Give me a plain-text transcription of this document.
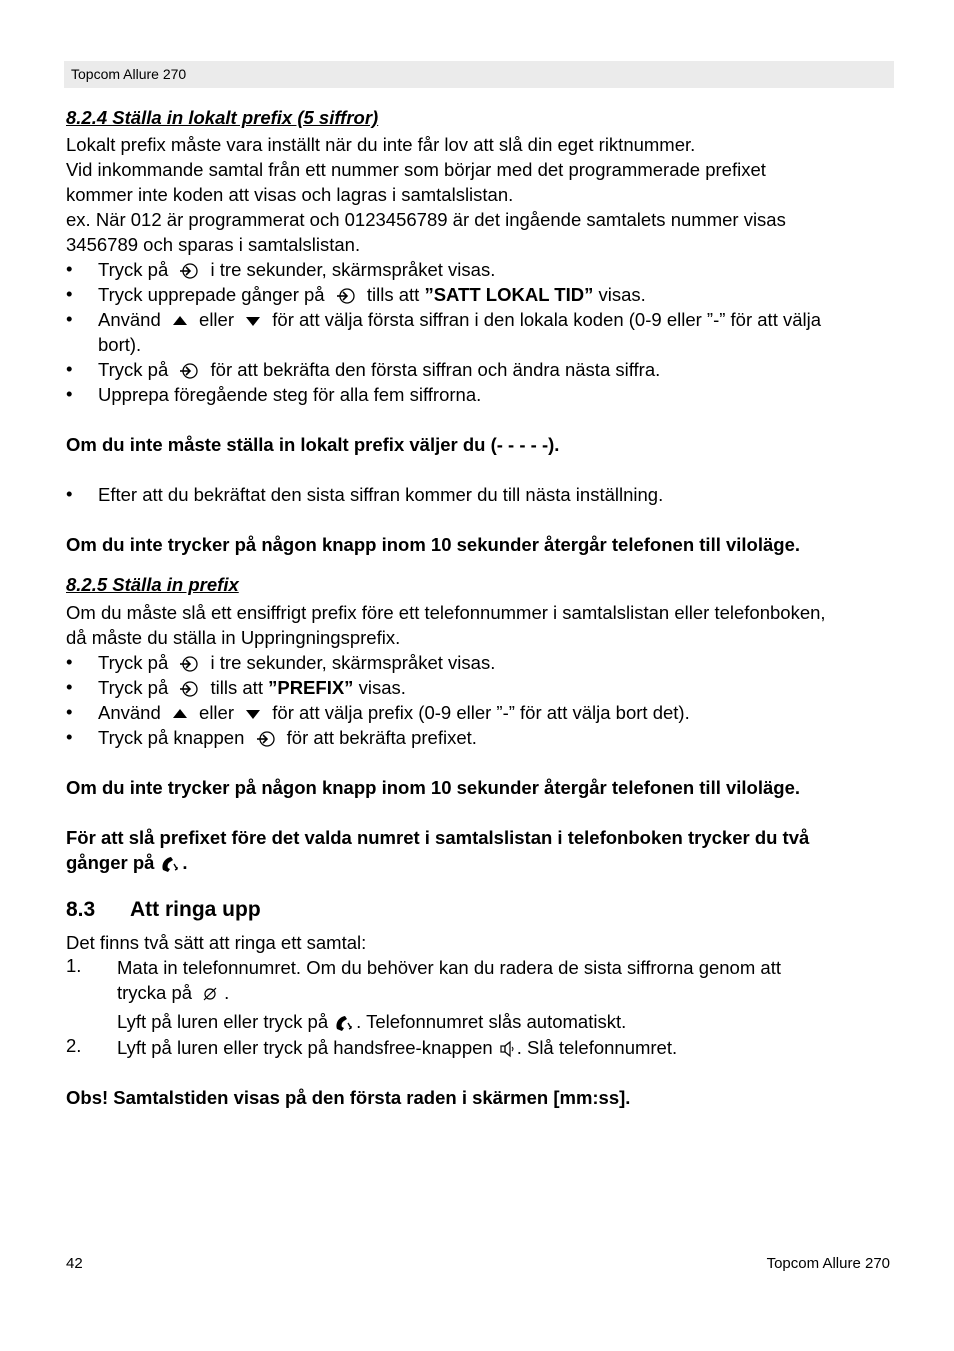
Topcom Allure 270
8.2.4 Ställa in lokalt prefix (5 siffror)
Lokalt prefix måste vara inställt när du inte får lov att slå din eget riktnummer.
Vid inkommande samtal från ett nummer som börjar med det programmerade prefixet
kommer inte koden att visas och lagras i samtalslistan.
ex. När 012 är programmerat och 0123456789 är det ingående samtalets nummer visas
3456789 och sparas i samtalslistan.
• Tryck på i tre sekunder, skärmspråket visas.
• Tryck upprepade gånger på tills att ”SATT LOKAL TID” visas.
• Använd eller för att välja första siffran i den lokala koden (0-9 eller ”-” för att välja
bort).
• Tryck på för att bekräfta den första siffran och ändra nästa siffra.
• Upprepa föregående steg för alla fem siffrorna.
Om du inte måste ställa in lokalt prefix väljer du (- - - - -).
• Efter att du bekräftat den sista siffran kommer du till nästa inställning.
Om du inte trycker på någon knapp inom 10 sekunder återgår telefonen till viloläge.
8.2.5 Ställa in prefix
Om du måste slå ett ensiffrigt prefix före ett telefonnummer i samtalslistan eller telefonboken,
då måste du ställa in Uppringningsprefix.
• Tryck på i tre sekunder, skärmspråket visas.
• Tryck på tills att ”PREFIX” visas.
• Använd eller för att välja prefix (0-9 eller ”-” för att välja bort det).
• Tryck på knappen för att bekräfta prefixet.
Om du inte trycker på någon knapp inom 10 sekunder återgår telefonen till viloläge.
För att slå prefixet före det valda numret i samtalslistan i telefonboken trycker du två
gånger på .
8.3 Att ringa upp
Det finns två sätt att ringa ett samtal:
1. Mata in telefonnumret. Om du behöver kan du radera de sista siffrorna genom att
trycka på .
Lyft på luren eller tryck på . Telefonnumret slås automatiskt.
2. Lyft på luren eller tryck på handsfree-knappen . Slå telefonnumret.
Obs! Samtalstiden visas på den första raden i skärmen [mm:ss].
42	Topcom Allure 270
